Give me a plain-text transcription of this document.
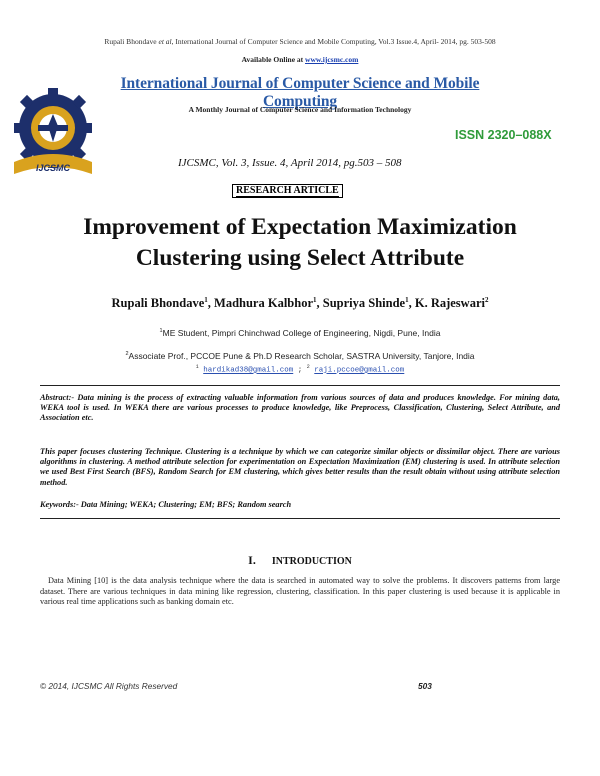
Rupali Bhondave et al, International Journal of Computer Science and Mobile Computing, Vol.3 Issue.4, April- 2014, pg. 503-508
Available Online at www.ijcsmc.com
IJCSMC
International Journal of Computer Science and Mobile Computing
A Monthly Journal of Computer Science and Information Technology
ISSN 2320–088X
IJCSMC, Vol. 3, Issue. 4, April 2014, pg.503 – 508
RESEARCH ARTICLE
Improvement of Expectation Maximization
Clustering using Select Attribute
Rupali Bhondave$^1$, Madhura Kalbhor$^1$, Supriya Shinde$^1$, K. Rajeswari$^2$
$^1$ME Student, Pimpri Chinchwad College of Engineering, Nigdi, Pune, India
$^2$Associate Prof., PCCOE Pune & Ph.D Research Scholar, SASTRA University, Tanjore, India
$^1$ hardikad38@gmail.com ; $^2$ raji.pccoe@gmail.com
Abstract:- Data mining is the process of extracting valuable information from various sources of data and produces knowledge. For mining data, WEKA tool is used. In WEKA there are various processes to produce knowledge, like Preprocess, Classification, Clustering, Select Attribute, and Association etc.
This paper focuses clustering Technique. Clustering is a technique by which we can categorize similar objects or dissimilar object. There are various algorithms in clustering. A method attribute selection for experimentation on Expectation Maximization (EM) clustering is used. In attribute selection we used Best First Search (BFS), Random Search for EM clustering, which gives better results than the result obtain without using attribute selection method.
Keywords:- Data Mining; WEKA; Clustering; EM; BFS; Random search
I. INTRODUCTION
Data Mining [10] is the data analysis technique where the data is searched in automated way to solve the problems. It discovers patterns from large dataset. There are various techniques in data mining like regression, clustering, classification. In this paper clustering is used because it is applicable in various real time applications such as banking domain etc.
© 2014, IJCSMC All Rights Reserved	503
